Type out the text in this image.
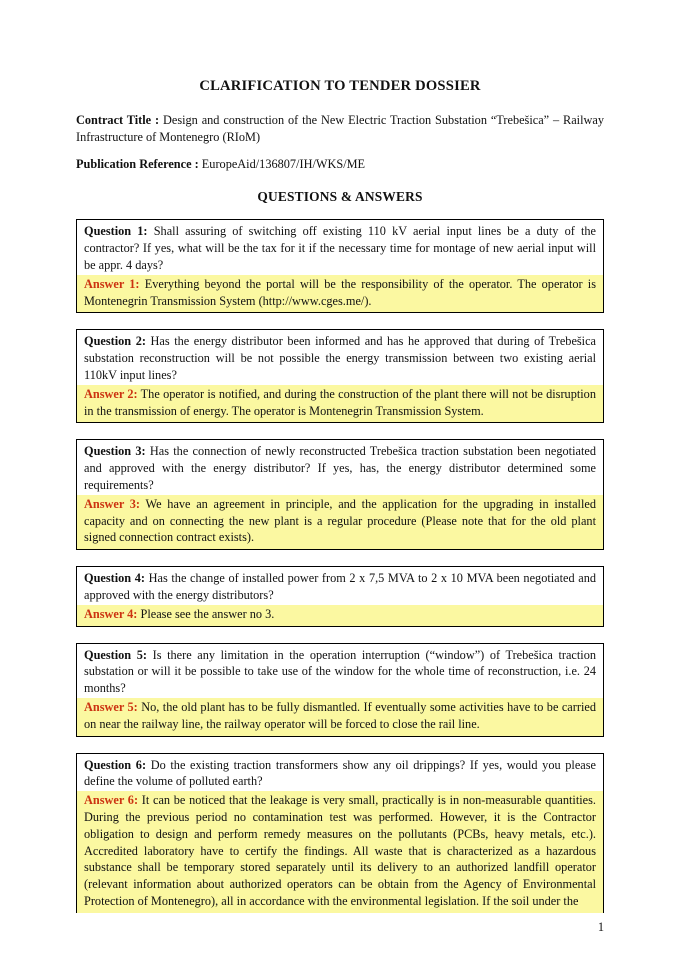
CLARIFICATION TO TENDER DOSSIER

Contract Title : Design and construction of the New Electric Traction Substation “Trebešica” – Railway Infrastructure of Montenegro (RIoM)

Publication Reference : EuropeAid/136807/IH/WKS/ME

QUESTIONS & ANSWERS

Question 1: Shall assuring of switching off existing 110 kV aerial input lines be a duty of the contractor? If yes, what will be the tax for it if the necessary time for montage of new aerial input will be appr. 4 days?

Answer 1: Everything beyond the portal will be the responsibility of the operator. The operator is Montenegrin Transmission System (http://www.cges.me/).

Question 2: Has the energy distributor been informed and has he approved that during of Trebešica substation reconstruction will be not possible the energy transmission between two existing aerial 110kV input lines?

Answer 2: The operator is notified, and during the construction of the plant there will not be disruption in the transmission of energy. The operator is Montenegrin Transmission System.

Question 3: Has the connection of newly reconstructed Trebešica traction substation been negotiated and approved with the energy distributor? If yes, has, the energy distributor determined some requirements?

Answer 3: We have an agreement in principle, and the application for the upgrading in installed capacity and on connecting the new plant is a regular procedure (Please note that for the old plant signed connection contract exists).

Question 4: Has the change of installed power from 2 x 7,5 MVA to 2 x 10 MVA been negotiated and approved with the energy distributors?

Answer 4: Please see the answer no 3.

Question 5: Is there any limitation in the operation interruption (“window”) of Trebešica traction substation or will it be possible to take use of the window for the whole time of reconstruction, i.e. 24 months?

Answer 5: No, the old plant has to be fully dismantled. If eventually some activities have to be carried on near the railway line, the railway operator will be forced to close the rail line.

Question 6: Do the existing traction transformers show any oil drippings? If yes, would you please define the volume of polluted earth?

Answer 6: It can be noticed that the leakage is very small, practically is in non-measurable quantities. During the previous period no contamination test was performed. However, it is the Contractor obligation to design and perform remedy measures on the pollutants (PCBs, heavy metals, etc.). Accredited laboratory have to certify the findings. All waste that is characterized as a hazardous substance shall be temporary stored separately until its delivery to an authorized landfill operator (relevant information about authorized operators can be obtain from the Agency of Environmental Protection of Montenegro), all in accordance with the environmental legislation. If the soil under the

1
